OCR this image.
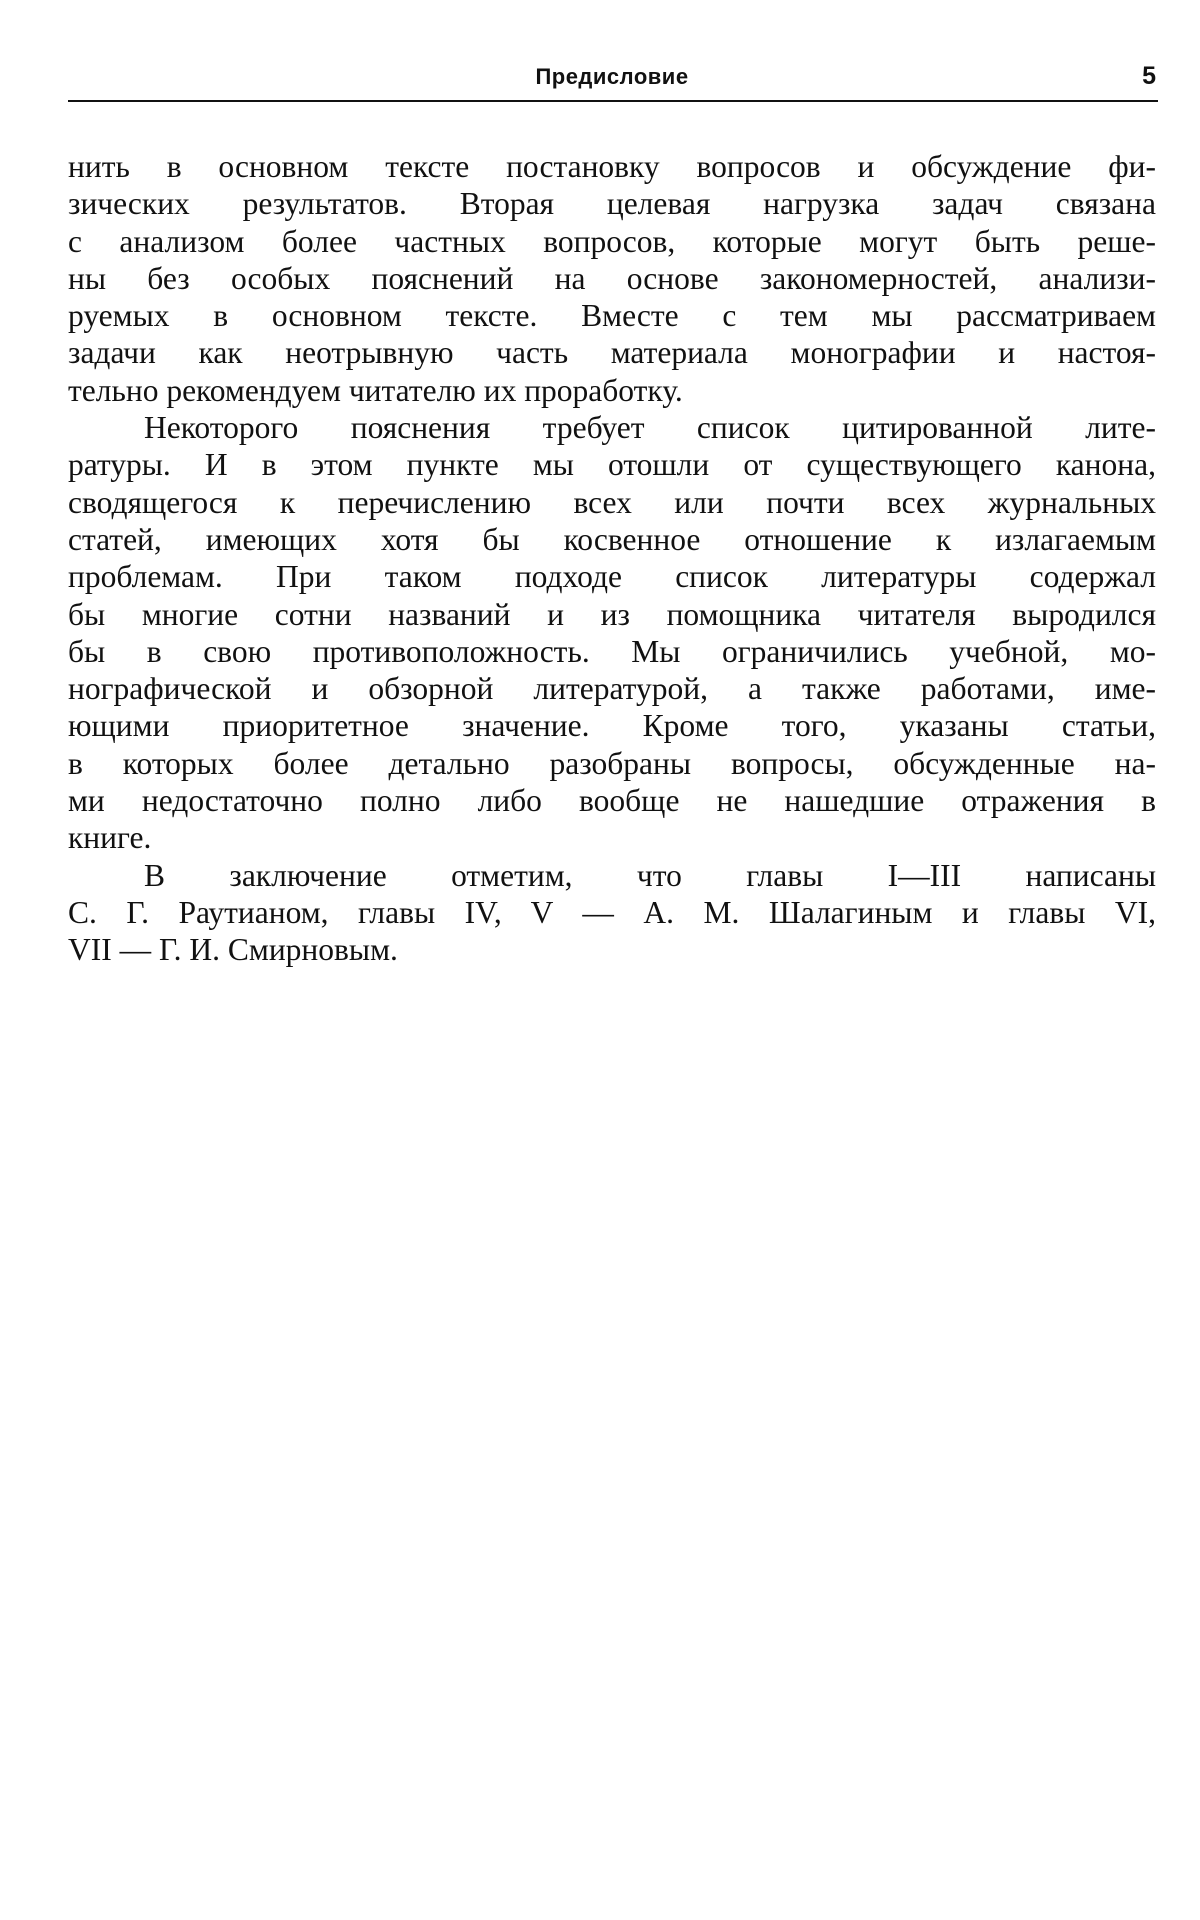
Предисловие	5
нить в основном тексте постановку вопросов и обсуждение фи-
зических результатов. Вторая целевая нагрузка задач связана
с анализом более частных вопросов, которые могут быть реше-
ны без особых пояснений на основе закономерностей, анализи-
руемых в основном тексте. Вместе с тем мы рассматриваем
задачи как неотрывную часть материала монографии и настоя-
тельно рекомендуем читателю их проработку.
Некоторого пояснения требует список цитированной лите-
ратуры. И в этом пункте мы отошли от существующего канона,
сводящегося к перечислению всех или почти всех журнальных
статей, имеющих хотя бы косвенное отношение к излагаемым
проблемам. При таком подходе список литературы содержал
бы многие сотни названий и из помощника читателя выродился
бы в свою противоположность. Мы ограничились учебной, мо-
нографической и обзорной литературой, а также работами, име-
ющими приоритетное значение. Кроме того, указаны статьи,
в которых более детально разобраны вопросы, обсужденные на-
ми недостаточно полно либо вообще не нашедшие отражения в
книге.
В заключение отметим, что главы I—III написаны
С. Г. Раутианом, главы IV, V — А. М. Шалагиным и главы VI,
VII — Г. И. Смирновым.
